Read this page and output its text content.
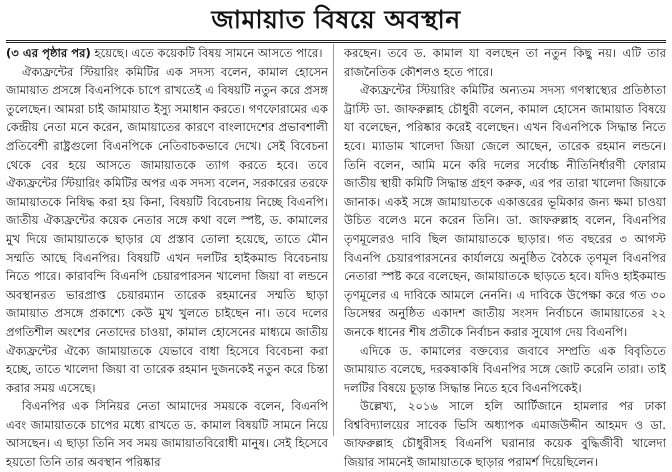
জামায়াত বিষয়ে অবস্থান

(৩ এর পৃষ্ঠার পর) হয়েছে। এতে কয়েকটি বিষয় সামনে আসতে পারে।

ঐক্যফ্রন্টের স্টিয়ারিং কমিটির এক সদস্য বলেন, কামাল হোসেন জামায়াত প্রসঙ্গে বিএনপিকে চাপে রাখতেই এ বিষয়টি নতুন করে প্রসঙ্গ তুলেছেন। আমরা চাই জামায়াত ইস্যু সমাধান করতে। গণফোরামের এক কেন্দ্রীয় নেতা মনে করেন, জামায়াতের কারণে বাংলাদেশের প্রভাবশালী প্রতিবেশী রাষ্ট্রগুলো বিএনপিকে নেতিবাচকভাবে দেখে। সেই বিবেচনা থেকে বের হয়ে আসতে জামায়াতকে ত্যাগ করতে হবে। তবে ঐক্যফ্রন্টের স্টিয়ারিং কমিটির অপর এক সদস্য বলেন, সরকারের তরফে জামায়াতকে নিষিদ্ধ করা হয় কিনা, বিষয়টি বিবেচনায় নিচ্ছে বিএনপি। জাতীয় ঐক্যফ্রন্টের কয়েক নেতার সঙ্গে কথা বলে স্পষ্ট, ড. কামালের মুখ দিয়ে জামায়াতকে ছাড়ার যে প্রস্তাব তোলা হয়েছে, তাতে মৌন সম্মতি আছে বিএনপির। বিষয়টি এখন দলটির হাইকমান্ড বিবেচনায় নিতে পারে। কারাবন্দি বিএনপি চেয়ারপারসন খালেদা জিয়া বা লন্ডনে অবস্থানরত ভারপ্রাপ্ত চেয়ারম্যান তারেক রহমানের সম্মতি ছাড়া জামায়াত প্রসঙ্গে প্রকাশ্যে কেউ মুখ খুলতে চাইছেন না। তবে দলের প্রগতিশীল অংশের নেতাদের চাওয়া, কামাল হোসেনের মাধ্যমে জাতীয় ঐক্যফ্রন্টের ঐক্যে জামায়াতকে যেভাবে বাধা হিসেবে বিবেচনা করা হচ্ছে, তাতে খালেদা জিয়া বা তারেক রহমান দুজনকেই নতুন করে চিন্তা করার সময় এসেছে।

বিএনপির এক সিনিয়র নেতা আমাদের সময়কে বলেন, বিএনপি এবং জামায়াতকে চাপের মধ্যে রাখতে ড. কামাল বিষয়টি সামনে নিয়ে আসছেন। এ ছাড়া তিনি সব সময় জামায়াতবিরোধী মানুষ। সেই হিসেবে হয়তো তিনি তার অবস্থান পরিষ্কার

করছেন। তবে ড. কামাল যা বলছেন তা নতুন কিছু নয়। এটি তার রাজনৈতিক কৌশলও হতে পারে।

ঐক্যফ্রন্টের স্টিয়ারিং কমিটির অন্যতম সদস্য গণস্বাস্থ্যের প্রতিষ্ঠাতা ট্রাস্টি ডা. জাফরুল্লাহ চৌধুরী বলেন, কামাল হোসেন জামায়াত বিষয়ে যা বলেছেন, পরিষ্কার করেই বলেছেন। এখন বিএনপিকে সিদ্ধান্ত নিতে হবে। ম্যাডাম খালেদা জিয়া জেলে আছেন, তারেক রহমান লন্ডনে। তিনি বলেন, আমি মনে করি দলের সর্বোচ্চ নীতিনির্ধারণী ফোরাম জাতীয় স্থায়ী কমিটি সিদ্ধান্ত গ্রহণ করুক, এর পর তারা খালেদা জিয়াকে জানাক। একই সঙ্গে জামায়াতকে একাত্তরের ভূমিকার জন্য ক্ষমা চাওয়া উচিত বলেও মনে করেন তিনি। ডা. জাফরুল্লাহ বলেন, বিএনপির তৃণমূলেরও দাবি ছিল জামায়াতকে ছাড়ার। গত বছরের ৩ আগস্ট বিএনপি চেয়ারপারসনের কার্যালয়ে অনুষ্ঠিত বৈঠকে তৃণমূল বিএনপির নেতারা স্পষ্ট করে বলেছেন, জামায়াতকে ছাড়তে হবে। যদিও হাইকমান্ড তৃণমূলের এ দাবিকে আমলে নেননি। এ দাবিকে উপেক্ষা করে গত ৩০ ডিসেম্বর অনুষ্ঠিত একাদশ জাতীয় সংসদ নির্বাচনে জামায়াতের ২২ জনকে ধানের শীষ প্রতীকে নির্বাচন করার সুযোগ দেয় বিএনপি।

এদিকে ড. কামালের বক্তব্যের জবাবে সম্প্রতি এক বিবৃতিতে জামায়াত বলেছে, দরকষাকষি বিএনপির সঙ্গে জোট করেনি তারা। তাই দলটির বিষয়ে চূড়ান্ত সিদ্ধান্ত নিতে হবে বিএনপিকেই।

উল্লেখ্য, ২০১৬ সালে হলি আর্টিজানে হামলার পর ঢাকা বিশ্ববিদ্যালয়ের সাবেক ভিসি অধ্যাপক এমাজউদ্দীন আহমদ ও ডা. জাফরুল্লাহ চৌধুরীসহ বিএনপি ঘরানার কয়েক বুদ্ধিজীবী খালেদা জিয়ার সামনেই জামায়াতকে ছাড়ার পরামর্শ দিয়েছিলেন।
